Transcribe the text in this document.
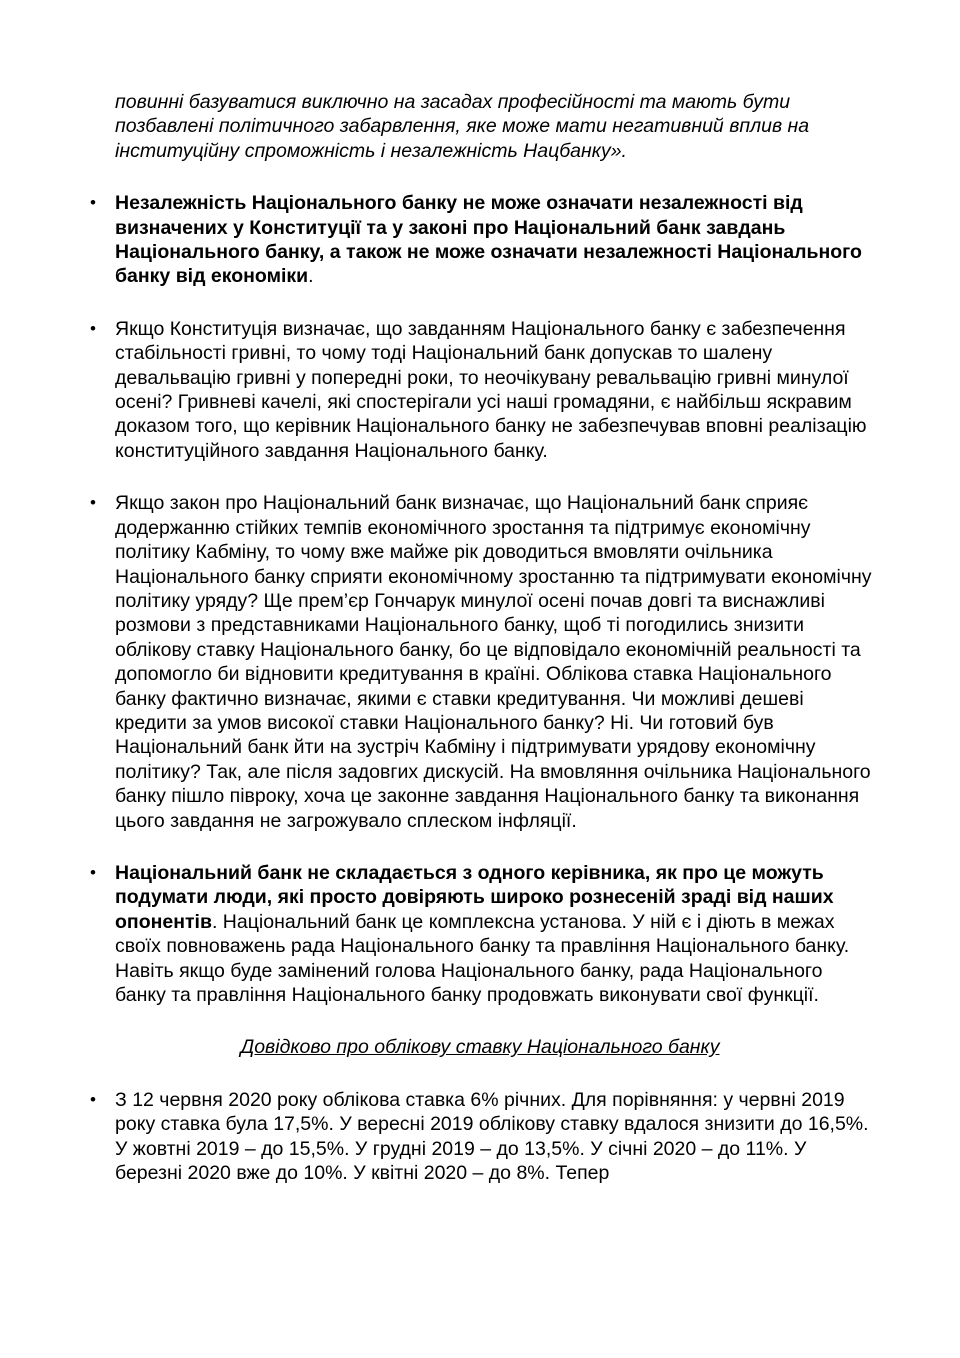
повинні базуватися виключно на засадах професійності та мають бути позбавлені політичного забарвлення, яке може мати негативний вплив на інституційну спроможність і незалежність Нацбанку».

• Незалежність Національного банку не може означати незалежності від визначених у Конституції та у законі про Національний банк завдань Національного банку, а також не може означати незалежності Національного банку від економіки.

• Якщо Конституція визначає, що завданням Національного банку є забезпечення стабільності гривні, то чому тоді Національний банк допускав то шалену девальвацію гривні у попередні роки, то неочікувану ревальвацію гривні минулої осені? Гривневі качелі, які спостерігали усі наші громадяни, є найбільш яскравим доказом того, що керівник Національного банку не забезпечував вповні реалізацію конституційного завдання Національного банку.

• Якщо закон про Національний банк визначає, що Національний банк сприяє додержанню стійких темпів економічного зростання та підтримує економічну політику Кабміну, то чому вже майже рік доводиться вмовляти очільника Національного банку сприяти економічному зростанню та підтримувати економічну політику уряду? Ще прем’єр Гончарук минулої осені почав довгі та виснажливі розмови з представниками Національного банку, щоб ті погодились знизити облікову ставку Національного банку, бо це відповідало економічній реальності та допомогло би відновити кредитування в країні. Облікова ставка Національного банку фактично визначає, якими є ставки кредитування. Чи можливі дешеві кредити за умов високої ставки Національного банку? Ні. Чи готовий був Національний банк йти на зустріч Кабміну і підтримувати урядову економічну політику? Так, але після задовгих дискусій. На вмовляння очільника Національного банку пішло півроку, хоча це законне завдання Національного банку та виконання цього завдання не загрожувало сплеском інфляції.

• Національний банк не складається з одного керівника, як про це можуть подумати люди, які просто довіряють широко рознесеній зраді від наших опонентів. Національний банк це комплексна установа. У ній є і діють в межах своїх повноважень рада Національного банку та правління Національного банку. Навіть якщо буде замінений голова Національного банку, рада Національного банку та правління Національного банку продовжать виконувати свої функції.

Довідково про облікову ставку Національного банку
• З 12 червня 2020 року облікова ставка 6% річних. Для порівняння: у червні 2019 року ставка була 17,5%. У вересні 2019 облікову ставку вдалося знизити до 16,5%. У жовтні 2019 – до 15,5%. У грудні 2019 – до 13,5%. У січні 2020 – до 11%. У березні 2020 вже до 10%. У квітні 2020 – до 8%. Тепер
